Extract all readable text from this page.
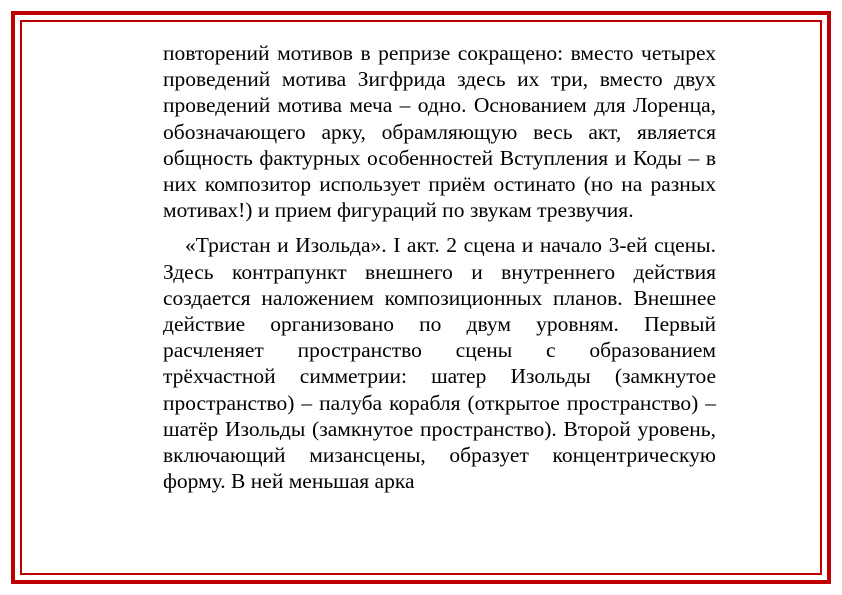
повторений мотивов в репризе сокращено: вместо четырех проведений мотива Зигфрида здесь их три, вместо двух проведений мотива меча – одно. Основанием для Лоренца, обозначающего арку, обрамляющую весь акт, является общность фактурных особенностей Вступления и Коды – в них композитор использует приём остинато (но на разных мотивах!) и прием фигураций по звукам трезвучия.

«Тристан и Изольда». I акт. 2 сцена и начало 3-ей сцены. Здесь контрапункт внешнего и внутреннего действия создается наложением композиционных планов. Внешнее действие организовано по двум уровням. Первый расчленяет пространство сцены с образованием трёхчастной симметрии: шатер Изольды (замкнутое пространство) – палуба корабля (открытое пространство) – шатёр Изольды (замкнутое пространство). Второй уровень, включающий мизансцены, образует концентрическую форму. В ней меньшая арка
